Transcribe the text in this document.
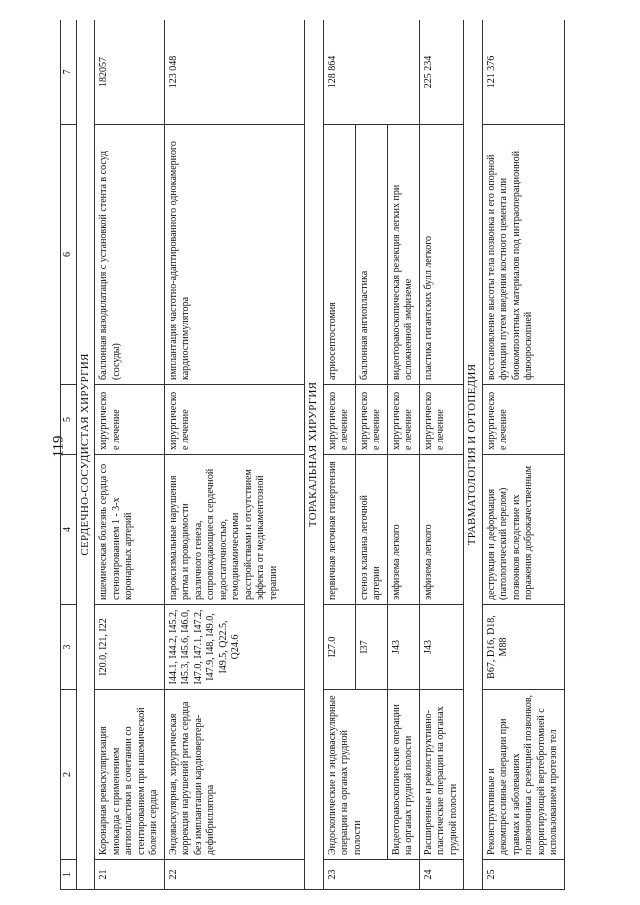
119
1	2	3	4	5	6	7
СЕРДЕЧНО-СОСУДИСТАЯ ХИРУРГИЯ						
21	Коронарная реваскуляризация миокарда с применением ангиопластики в сочетании со стентированием при ишемической болезни сердца	I20.0, I21, I22	ишемическая болезнь сердца со стенозированием 1 - 3-х коронарных артерий	хирургическое лечение	баллонная вазодилатация с установкой стента в сосуд (сосуды)	182057
22	Эндоваскулярная, хирургическая коррекция нарушений ритма сердца без имплантации кардиовертера-дефибриллятора	I44.1, I44.2, I45.2, I45.3, I45.6, I46.0, I47.0, I47.1, I47.2, I47.9, I48, I49.0, I49.5, Q22.5, Q24.6	пароксизмальные нарушения ритма и проводимости различного генеза, сопровождающиеся сердечной недостаточностью, гемодинамическими расстройствами и отсутствием эффекта от медикаментозной терапии	хирургическое лечение	имплантация частотно-адаптированного однокамерного кардиостимулятора	123 048
ТОРАКАЛЬНАЯ ХИРУРГИЯ						
23	Эндоскопические и эндоваскулярные операции на органах грудной полости	I27.0	первичная легочная гипертензия	хирургическое лечение	атриосептостомия	128 864
		I37	стеноз клапана легочной артерии	хирургическое лечение	баллонная ангиопластика	
	Видеоторакоскопические операции на органах грудной полости	J43	эмфизема легкого	хирургическое лечение	видеоторакоскопическая резекция легких при осложненной эмфиземе	
24	Расширенные и реконструктивно-пластические операции на органах грудной полости	J43	эмфизема легкого	хирургическое лечение	пластика гигантских булл легкого	225 234
ТРАВМАТОЛОГИЯ И ОРТОПЕДИЯ						
25	Реконструктивные и декомпрессивные операции при травмах и заболеваниях позвоночника с резекцией позвонков, корригирующей вертебротомией с использованием протезов тел	B67, D16, D18, M88	деструкция и деформация (патологический перелом) позвонков вследствие их поражения доброкачественным	хирургическое лечение	восстановление высоты тела позвонка и его опорной функции путем введения костного цемента или биокомпозитных материалов под интраоперационной флюороскопией	121 376
